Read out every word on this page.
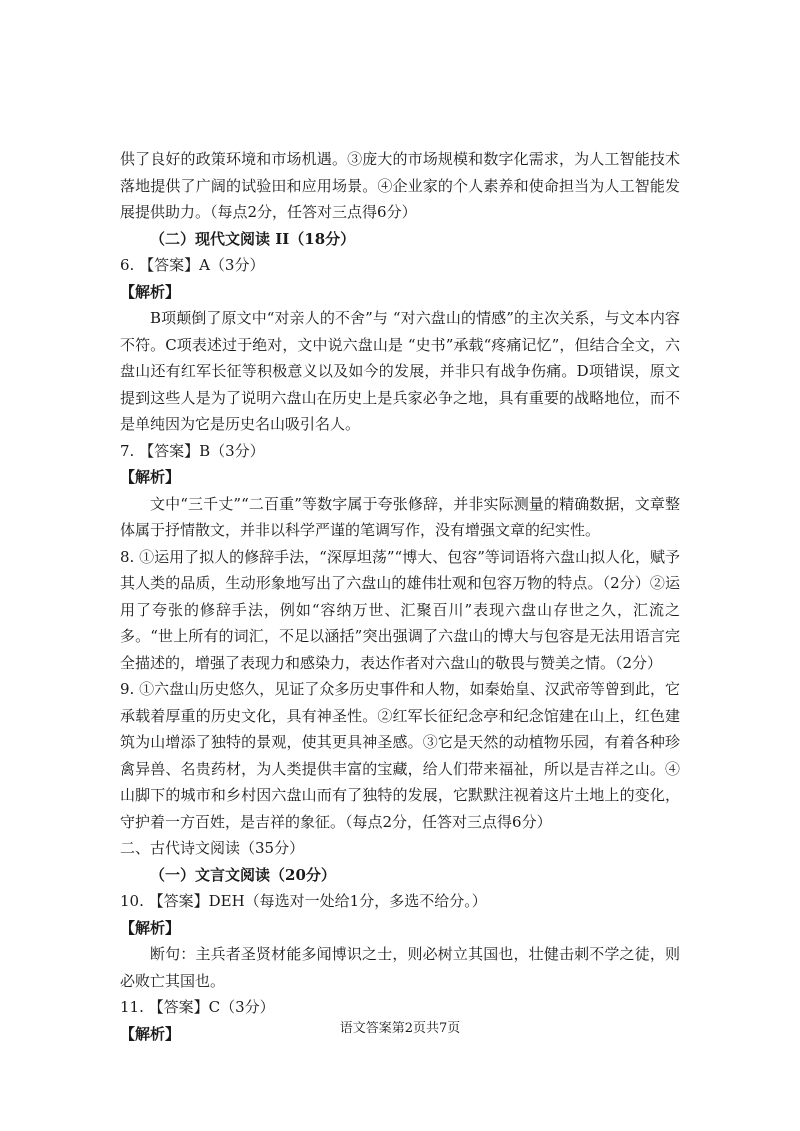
供了良好的政策环境和市场机遇。③庞大的市场规模和数字化需求，为人工智能技术落地提供了广阔的试验田和应用场景。④企业家的个人素养和使命担当为人工智能发展提供助力。（每点2分，任答对三点得6分）

（二）现代文阅读 II（18分）

6. 【答案】A（3分）

【解析】

B项颠倒了原文中“对亲人的不舍”与 “对六盘山的情感”的主次关系，与文本内容不符。C项表述过于绝对，文中说六盘山是 “史书”承载“疼痛记忆”，但结合全文，六盘山还有红军长征等积极意义以及如今的发展，并非只有战争伤痛。D项错误，原文提到这些人是为了说明六盘山在历史上是兵家必争之地，具有重要的战略地位，而不是单纯因为它是历史名山吸引名人。

7. 【答案】B（3分）

【解析】

文中“三千丈”“二百重”等数字属于夸张修辞，并非实际测量的精确数据，文章整体属于抒情散文，并非以科学严谨的笔调写作，没有增强文章的纪实性。

8. ①运用了拟人的修辞手法，“深厚坦荡”“博大、包容”等词语将六盘山拟人化，赋予其人类的品质，生动形象地写出了六盘山的雄伟壮观和包容万物的特点。（2分）②运用了夸张的修辞手法，例如“容纳万世、汇聚百川”表现六盘山存世之久，汇流之多。“世上所有的词汇，不足以涵括”突出强调了六盘山的博大与包容是无法用语言完全描述的，增强了表现力和感染力，表达作者对六盘山的敬畏与赞美之情。（2分）

9. ①六盘山历史悠久，见证了众多历史事件和人物，如秦始皇、汉武帝等曾到此，它承载着厚重的历史文化，具有神圣性。②红军长征纪念亭和纪念馆建在山上，红色建筑为山增添了独特的景观，使其更具神圣感。③它是天然的动植物乐园，有着各种珍禽异兽、名贵药材，为人类提供丰富的宝藏，给人们带来福祉，所以是吉祥之山。④山脚下的城市和乡村因六盘山而有了独特的发展，它默默注视着这片土地上的变化，守护着一方百姓，是吉祥的象征。（每点2分，任答对三点得6分）

二、古代诗文阅读（35分）

（一）文言文阅读（20分）

10. 【答案】DEH（每选对一处给1分，多选不给分。）

【解析】

断句：主兵者圣贤材能多闻博识之士，则必树立其国也，壮健击刺不学之徒，则必败亡其国也。

11. 【答案】C（3分）

【解析】	语文答案第2页共7页
